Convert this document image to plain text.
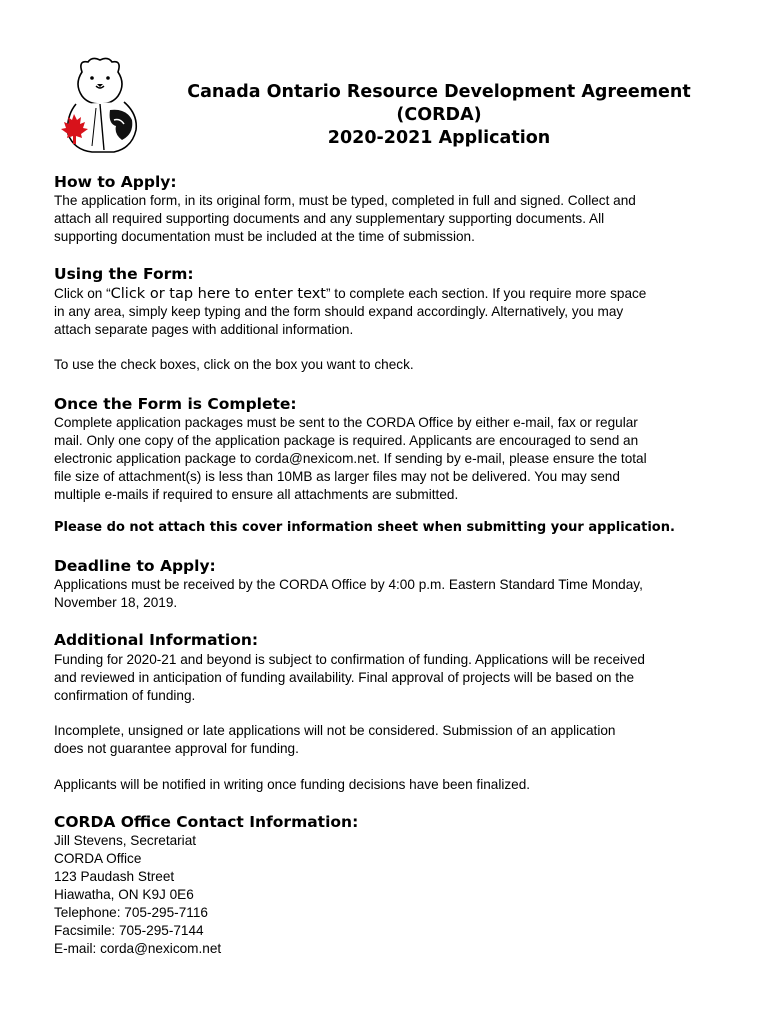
Canada Ontario Resource Development Agreement
(CORDA)
2020-2021 Application
How to Apply:
The application form, in its original form, must be typed, completed in full and signed. Collect and
attach all required supporting documents and any supplementary supporting documents. All
supporting documentation must be included at the time of submission.
Using the Form:
Click on “Click or tap here to enter text” to complete each section. If you require more space
in any area, simply keep typing and the form should expand accordingly. Alternatively, you may
attach separate pages with additional information.
To use the check boxes, click on the box you want to check.
Once the Form is Complete:
Complete application packages must be sent to the CORDA Office by either e-mail, fax or regular
mail. Only one copy of the application package is required. Applicants are encouraged to send an
electronic application package to corda@nexicom.net. If sending by e-mail, please ensure the total
file size of attachment(s) is less than 10MB as larger files may not be delivered. You may send
multiple e-mails if required to ensure all attachments are submitted.
Please do not attach this cover information sheet when submitting your application.
Deadline to Apply:
Applications must be received by the CORDA Office by 4:00 p.m. Eastern Standard Time Monday,
November 18, 2019.
Additional Information:
Funding for 2020-21 and beyond is subject to confirmation of funding. Applications will be received
and reviewed in anticipation of funding availability. Final approval of projects will be based on the
confirmation of funding.
Incomplete, unsigned or late applications will not be considered. Submission of an application
does not guarantee approval for funding.
Applicants will be notified in writing once funding decisions have been finalized.
CORDA Office Contact Information:
Jill Stevens, Secretariat
CORDA Office
123 Paudash Street
Hiawatha, ON K9J 0E6
Telephone: 705-295-7116
Facsimile: 705-295-7144
E-mail: corda@nexicom.net
